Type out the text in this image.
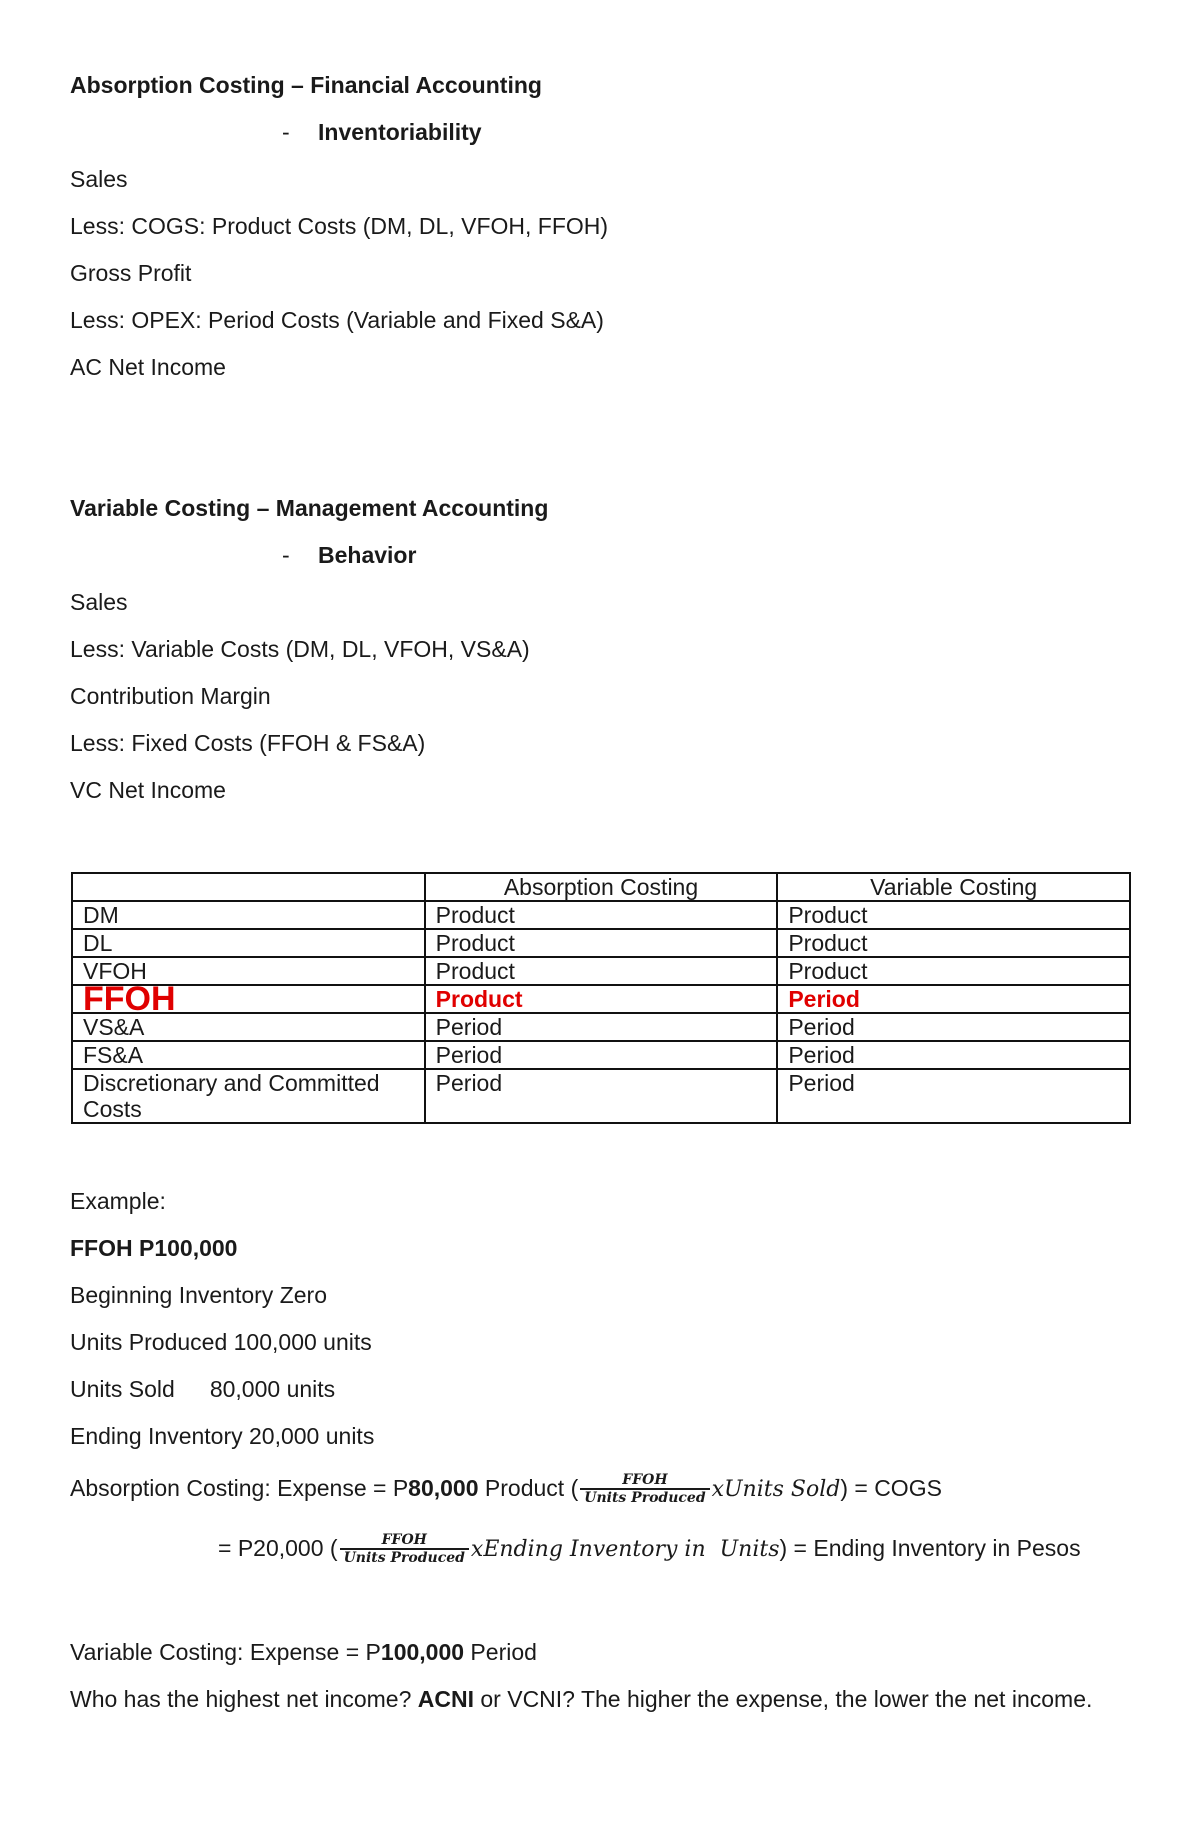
Absorption Costing – Financial Accounting
- Inventoriability
Sales
Less: COGS: Product Costs (DM, DL, VFOH, FFOH)
Gross Profit
Less: OPEX: Period Costs (Variable and Fixed S&A)
AC Net Income
Variable Costing – Management Accounting
- Behavior
Sales
Less: Variable Costs (DM, DL, VFOH, VS&A)
Contribution Margin
Less: Fixed Costs (FFOH & FS&A)
VC Net Income
	Absorption Costing	Variable Costing
DM	Product	Product
DL	Product	Product
VFOH	Product	Product
FFOH	Product	Period
VS&A	Period	Period
FS&A	Period	Period
Discretionary and Committed Costs	Period	Period
Example:
FFOH P100,000
Beginning Inventory Zero
Units Produced 100,000 units
Units Sold 80,000 units
Ending Inventory 20,000 units
Absorption Costing: Expense = P80,000 Product ( $\frac{\text{FFOH}}{\text{Units Produced}}$ xUnits Sold) = COGS
= P20,000 ( $\frac{\text{FFOH}}{\text{Units Produced}}$ xEnding Inventory in  Units) = Ending Inventory in Pesos
Variable Costing: Expense = P100,000 Period
Who has the highest net income? ACNI or VCNI? The higher the expense, the lower the net income.
